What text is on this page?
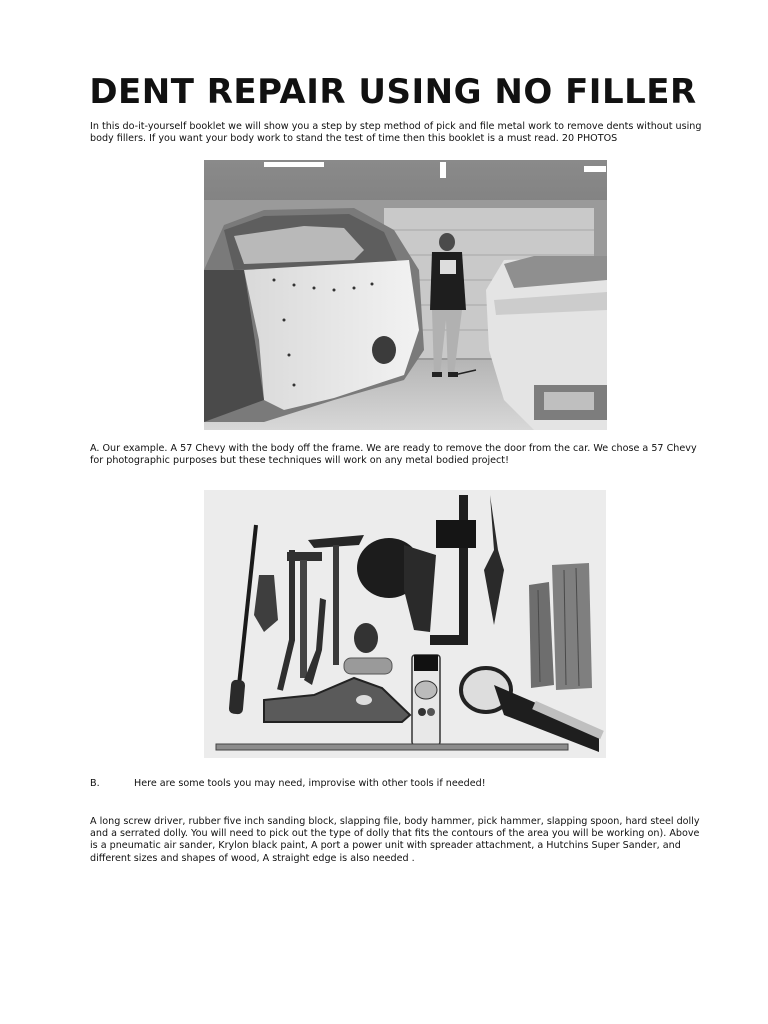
DENT REPAIR USING NO FILLER

In this do-it-yourself booklet we will show you a step by step method of pick and file metal work to remove dents without using body fillers. If you want your body work to stand the test of time then this booklet is a must read. 20 PHOTOS

A. Our example. A 57 Chevy with the body off the frame. We are ready to remove the door from the car. We chose a 57 Chevy for photographic purposes but these techniques will work on any metal bodied project!

B.	Here are some tools you may need, improvise with other tools if needed!

A long screw driver, rubber five inch sanding block, slapping file, body hammer, pick hammer, slapping spoon, hard steel dolly and a serrated dolly. You will need to pick out the type of dolly that fits the contours of the area you will be working on). Above is a pneumatic air sander, Krylon black paint, A port a power unit with spreader attachment, a Hutchins Super Sander, and different sizes and shapes of wood, A straight edge is also needed .
